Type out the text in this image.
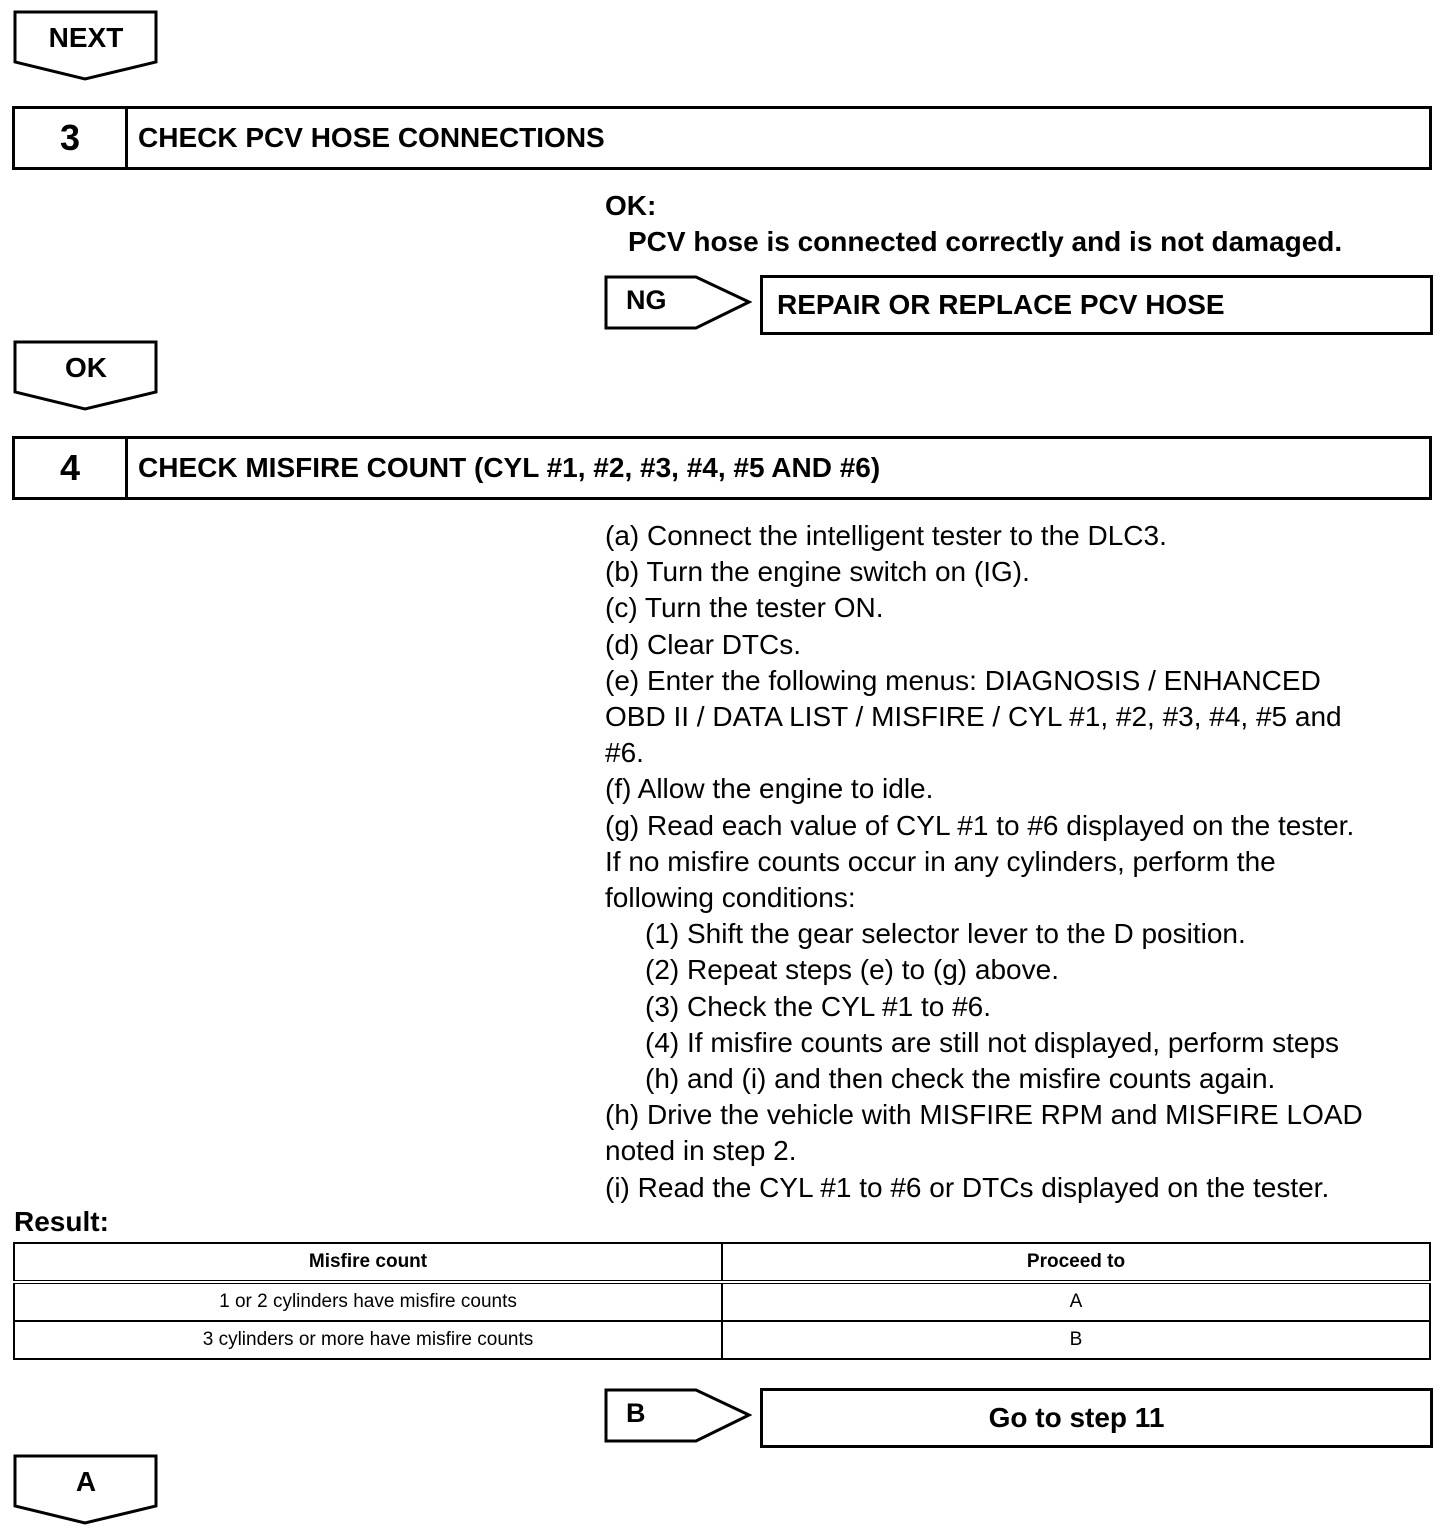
NEXT
3	CHECK PCV HOSE CONNECTIONS
OK:
PCV hose is connected correctly and is not damaged.
NG	REPAIR OR REPLACE PCV HOSE
OK
4	CHECK MISFIRE COUNT (CYL #1, #2, #3, #4, #5 AND #6)
(a) Connect the intelligent tester to the DLC3.
(b) Turn the engine switch on (IG).
(c) Turn the tester ON.
(d) Clear DTCs.
(e) Enter the following menus: DIAGNOSIS / ENHANCED
OBD II / DATA LIST / MISFIRE / CYL #1, #2, #3, #4, #5 and
#6.
(f) Allow the engine to idle.
(g) Read each value of CYL #1 to #6 displayed on the tester.
If no misfire counts occur in any cylinders, perform the
following conditions:
(1) Shift the gear selector lever to the D position.
(2) Repeat steps (e) to (g) above.
(3) Check the CYL #1 to #6.
(4) If misfire counts are still not displayed, perform steps
(h) and (i) and then check the misfire counts again.
(h) Drive the vehicle with MISFIRE RPM and MISFIRE LOAD
noted in step 2.
(i) Read the CYL #1 to #6 or DTCs displayed on the tester.
Result:
Misfire count	Proceed to
1 or 2 cylinders have misfire counts	A
3 cylinders or more have misfire counts	B
B	Go to step 11
A
